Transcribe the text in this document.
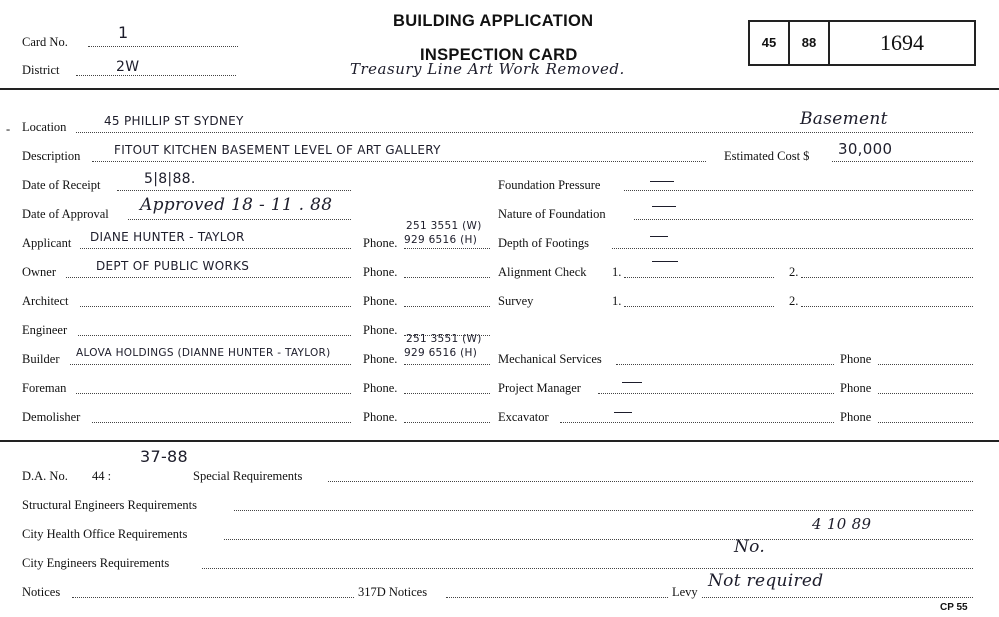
Card No.	1
District	2W
BUILDING APPLICATION
INSPECTION CARD
45	88	1694
Treasury Line Art Work Removed.
- Location	45 PHILLIP ST SYDNEY	Basement
Description	FITOUT KITCHEN BASEMENT LEVEL OF ART GALLERY	Estimated Cost $ 30,000
Date of Receipt	5|8|88.
Date of Approval Approved 18 - 11 . 88
Applicant DIANE HUNTER - TAYLOR	Phone.
251 3551 (W)
929 6516 (H)
Owner	DEPT OF PUBLIC WORKS	Phone.
Architect	Phone.
Engineer	Phone.
Builder ALOVA HOLDINGS (DIANNE HUNTER - TAYLOR)	Phone.
251 3551 (W)
929 6516 (H)
Foreman	Phone.
Demolisher	Phone.
Foundation Pressure
Nature of Foundation
Depth of Footings
Alignment Check 1.	2.
Survey	1.	2.
Mechanical Services	Phone
Project Manager	Phone
Excavator	Phone
D.A. No. 44 :
37-88
Special Requirements
Structural Engineers Requirements
City Health Office Requirements
4 10 89
City Engineers Requirements
No.
Notices	317D Notices	Levy
Not required
CP 55
